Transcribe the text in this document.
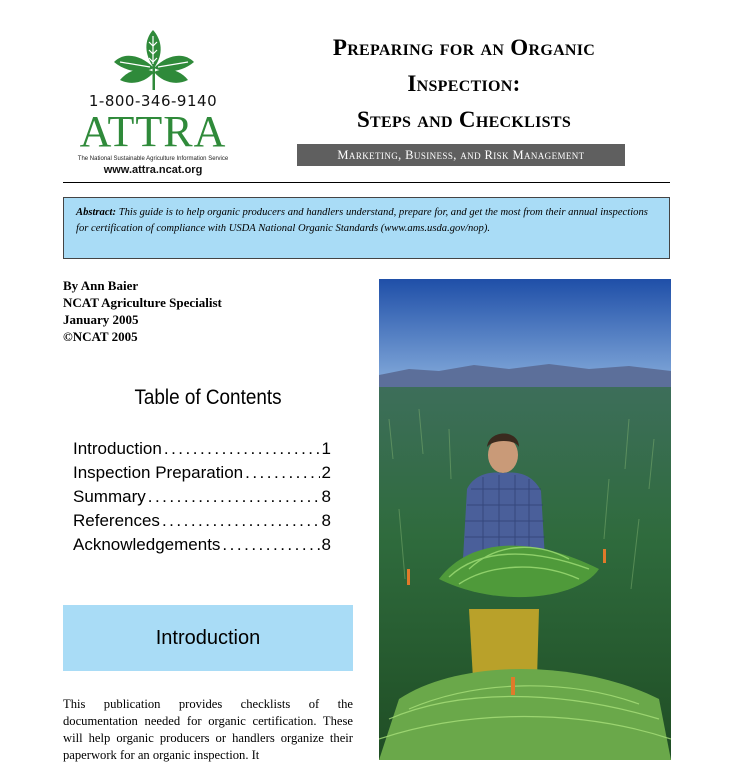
1-800-346-9140
ATTRA
The National Sustainable Agriculture Information Service
www.attra.ncat.org
Preparing for an Organic
Inspection:
Steps and Checklists
Marketing, Business, and Risk Management
Abstract: This guide is to help organic producers and handlers understand, prepare for, and get the most from their annual inspections for certification of compliance with USDA National Organic Standards (www.ams.usda.gov/nop).
By Ann Baier
NCAT Agriculture Specialist
January 2005
©NCAT 2005
Table of Contents
Introduction .....	1
Inspection Preparation .....	2
Summary .....	8
References .....	8
Acknowledgements .....	8
Introduction
This publication provides checklists of the documentation needed for organic certification. These will help organic producers or handlers organize their paperwork for an organic inspection. It
